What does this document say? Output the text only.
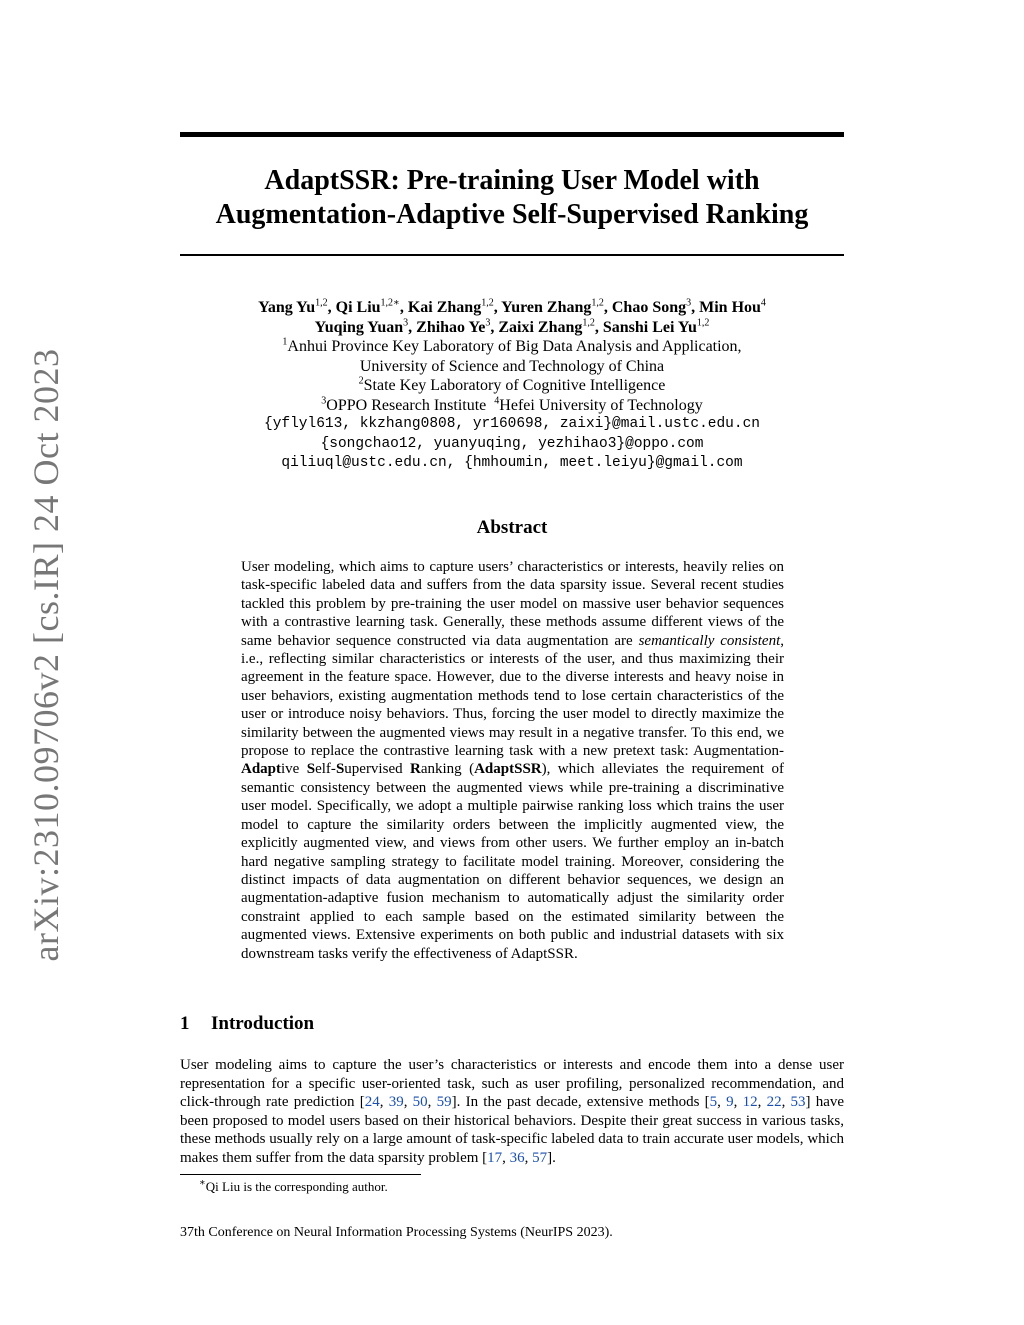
arXiv:2310.09706v2 [cs.IR] 24 Oct 2023
AdaptSSR: Pre-training User Model with
Augmentation-Adaptive Self-Supervised Ranking
Yang Yu$^{1,2}$, Qi Liu$^{1,2∗}$, Kai Zhang$^{1,2}$, Yuren Zhang$^{1,2}$, Chao Song$^3$, Min Hou$^4$
Yuqing Yuan$^3$, Zhihao Ye$^3$, Zaixi Zhang$^{1,2}$, Sanshi Lei Yu$^{1,2}$
$^1$Anhui Province Key Laboratory of Big Data Analysis and Application,
University of Science and Technology of China
$^2$State Key Laboratory of Cognitive Intelligence
$^3$OPPO Research Institute $^4$Hefei University of Technology
{yflyl613, kkzhang0808, yr160698, zaixi}@mail.ustc.edu.cn
{songchao12, yuanyuqing, yezhihao3}@oppo.com
qiliuql@ustc.edu.cn, {hmhoumin, meet.leiyu}@gmail.com
Abstract
User modeling, which aims to capture users’ characteristics or interests, heavily relies on task-specific labeled data and suffers from the data sparsity issue. Several recent studies tackled this problem by pre-training the user model on massive user behavior sequences with a contrastive learning task. Generally, these methods assume different views of the same behavior sequence constructed via data augmentation are semantically consistent, i.e., reflecting similar characteristics or interests of the user, and thus maximizing their agreement in the feature space. However, due to the diverse interests and heavy noise in user behaviors, existing augmentation methods tend to lose certain characteristics of the user or introduce noisy behaviors. Thus, forcing the user model to directly maximize the similarity between the augmented views may result in a negative transfer. To this end, we propose to replace the contrastive learning task with a new pretext task: Augmentation-Adaptive Self-Supervised Ranking (AdaptSSR), which alleviates the requirement of semantic consistency between the augmented views while pre-training a discriminative user model. Specifically, we adopt a multiple pairwise ranking loss which trains the user model to capture the similarity orders between the implicitly augmented view, the explicitly augmented view, and views from other users. We further employ an in-batch hard negative sampling strategy to facilitate model training. Moreover, considering the distinct impacts of data augmentation on different behavior sequences, we design an augmentation-adaptive fusion mechanism to automatically adjust the similarity order constraint applied to each sample based on the estimated similarity between the augmented views. Extensive experiments on both public and industrial datasets with six downstream tasks verify the effectiveness of AdaptSSR.
1 Introduction
User modeling aims to capture the user’s characteristics or interests and encode them into a dense user representation for a specific user-oriented task, such as user profiling, personalized recommendation, and click-through rate prediction [24, 39, 50, 59]. In the past decade, extensive methods [5, 9, 12, 22, 53] have been proposed to model users based on their historical behaviors. Despite their great success in various tasks, these methods usually rely on a large amount of task-specific labeled data to train accurate user models, which makes them suffer from the data sparsity problem [17, 36, 57].
∗Qi Liu is the corresponding author.
37th Conference on Neural Information Processing Systems (NeurIPS 2023).
